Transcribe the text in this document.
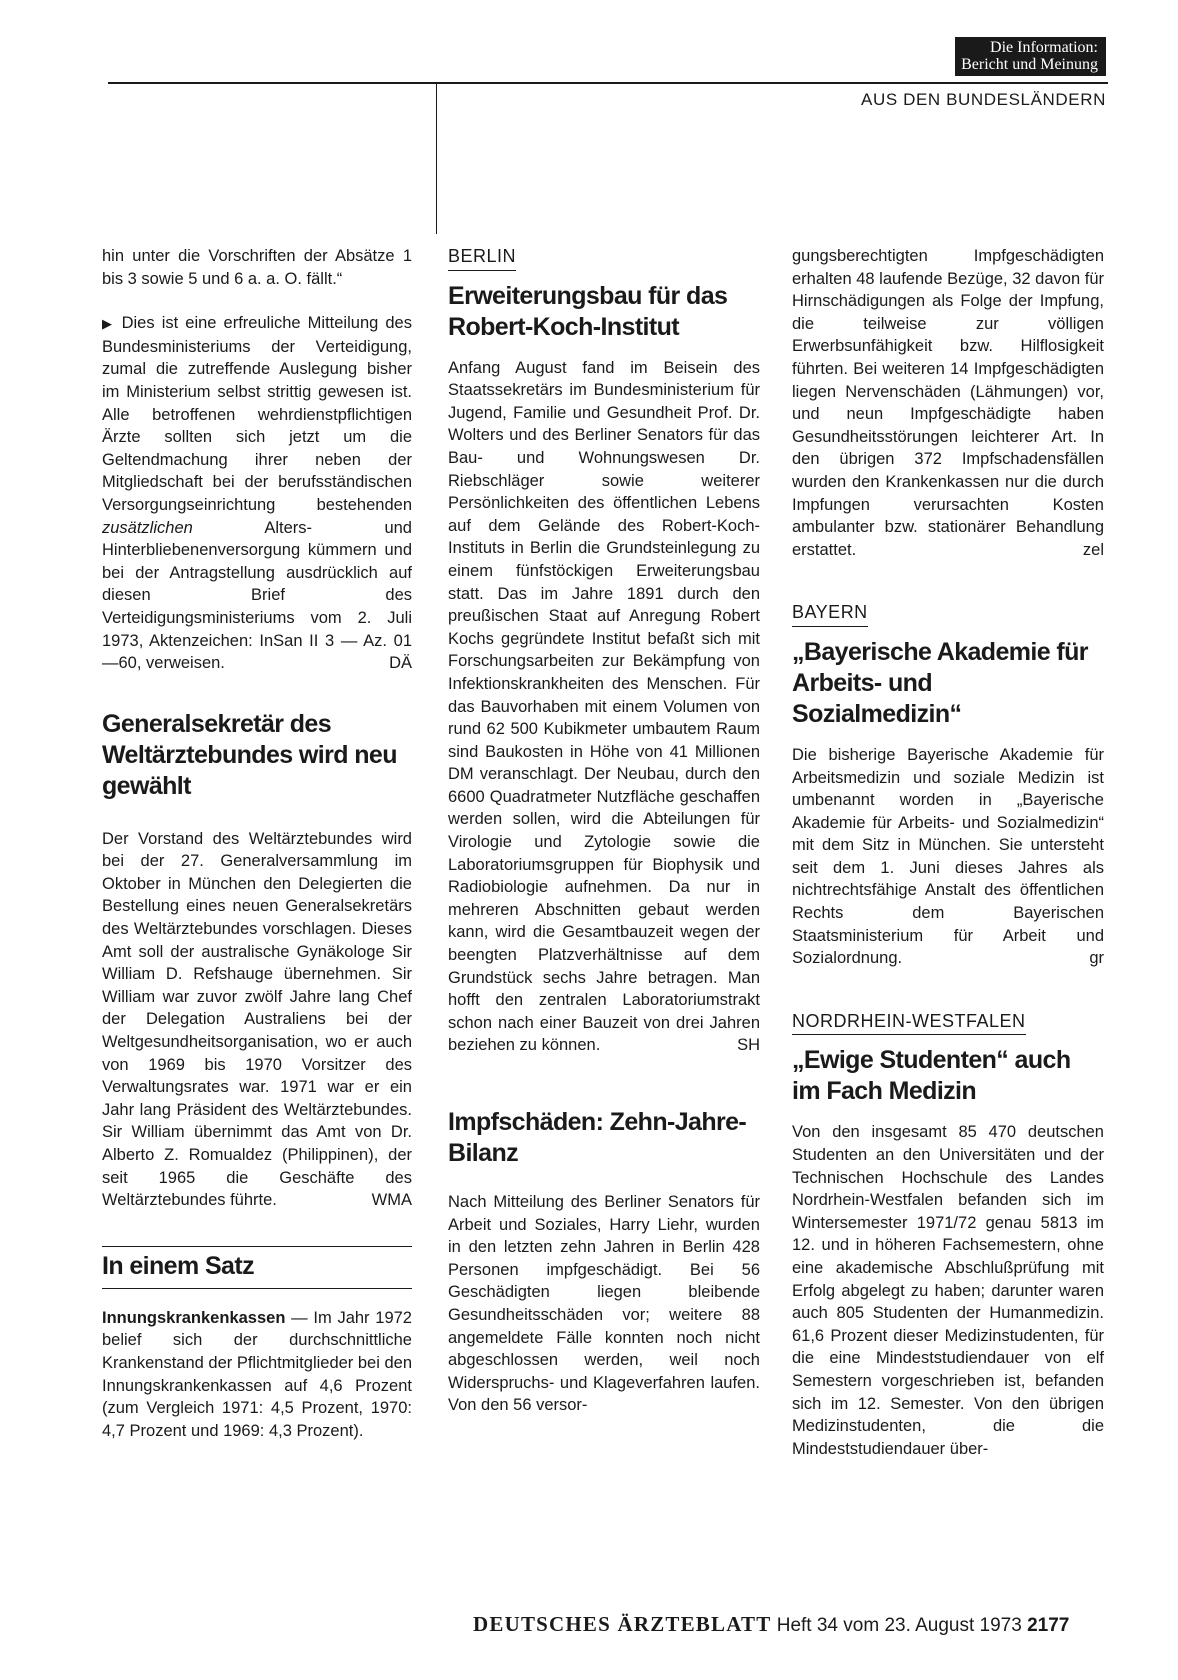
Die Information:
Bericht und Meinung
AUS DEN BUNDESLÄNDERN

hin unter die Vorschriften der Absätze 1 bis 3 sowie 5 und 6 a. a. O. fällt.“

▶ Dies ist eine erfreuliche Mitteilung des Bundesministeriums der Verteidigung, zumal die zutreffende Auslegung bisher im Ministerium selbst strittig gewesen ist. Alle betroffenen wehrdienstpflichtigen Ärzte sollten sich jetzt um die Geltendmachung ihrer neben der Mitgliedschaft bei der berufsständischen Versorgungseinrichtung bestehenden zusätzlichen	Alters- und Hinterbliebenenversorgung kümmern und bei der Antragstellung ausdrücklich auf diesen Brief des Verteidigungsministeriums vom 2. Juli 1973, Aktenzeichen: InSan II 3 — Az. 01—60, verweisen.	DÄ

Generalsekretär des Weltärztebundes wird neu gewählt

Der Vorstand des Weltärztebundes wird bei der 27. Generalversammlung im Oktober in München den Delegierten die Bestellung eines neuen Generalsekretärs des Weltärztebundes vorschlagen. Dieses Amt soll der australische Gynäkologe Sir William D. Refshauge übernehmen. Sir William war zuvor zwölf Jahre lang Chef der Delegation Australiens bei der Weltgesundheitsorganisation, wo er auch von 1969 bis 1970 Vorsitzer des Verwaltungsrates war. 1971 war er ein Jahr lang Präsident des Weltärztebundes. Sir William übernimmt das Amt von Dr. Alberto Z. Romualdez (Philippinen), der seit 1965 die Geschäfte des Weltärztebundes führte.	WMA

In einem Satz

Innungskrankenkassen — Im Jahr 1972 belief sich der durchschnittliche Krankenstand der Pflichtmitglieder bei den Innungskrankenkassen auf 4,6 Prozent (zum Vergleich 1971: 4,5 Prozent, 1970: 4,7 Prozent und 1969: 4,3 Prozent).

BERLIN
Erweiterungsbau für das Robert-Koch-Institut

Anfang August fand im Beisein des Staatssekretärs im Bundesministerium für Jugend, Familie und Gesundheit Prof. Dr. Wolters und des Berliner Senators für das Bau- und Wohnungswesen Dr. Riebschläger sowie weiterer Persönlichkeiten des öffentlichen Lebens auf dem Gelände des Robert-Koch-Instituts in Berlin die Grundsteinlegung zu einem fünfstöckigen Erweiterungsbau statt. Das im Jahre 1891 durch den preußischen Staat auf Anregung Robert Kochs gegründete Institut befaßt sich mit Forschungsarbeiten zur Bekämpfung von Infektionskrankheiten des Menschen. Für das Bauvorhaben mit einem Volumen von rund 62 500 Kubikmeter umbautem Raum sind Baukosten in Höhe von 41 Millionen DM veranschlagt. Der Neubau, durch den 6600 Quadratmeter Nutzfläche geschaffen werden sollen, wird die Abteilungen für Virologie und Zytologie sowie die Laboratoriumsgruppen für Biophysik und Radiobiologie aufnehmen. Da nur in mehreren Abschnitten gebaut werden kann, wird die Gesamtbauzeit wegen der beengten Platzverhältnisse auf dem Grundstück sechs Jahre betragen. Man hofft den zentralen Laboratoriumstrakt schon nach einer Bauzeit von drei Jahren beziehen zu können.	SH

Impfschäden: Zehn-Jahre-Bilanz

Nach Mitteilung des Berliner Senators für Arbeit und Soziales, Harry Liehr, wurden in den letzten zehn Jahren in Berlin 428 Personen impfgeschädigt. Bei 56 Geschädigten liegen bleibende Gesundheitsschäden vor; weitere 88 angemeldete Fälle konnten noch nicht abgeschlossen werden, weil noch Widerspruchs- und Klageverfahren laufen. Von den 56 versor-

gungsberechtigten Impfgeschädigten erhalten 48 laufende Bezüge, 32 davon für Hirnschädigungen als Folge der Impfung, die teilweise zur völligen Erwerbsunfähigkeit bzw. Hilflosigkeit führten. Bei weiteren 14 Impfgeschädigten liegen Nervenschäden (Lähmungen) vor, und neun Impfgeschädigte haben Gesundheitsstörungen leichterer Art. In den übrigen 372 Impfschadensfällen wurden den Krankenkassen nur die durch Impfungen verursachten Kosten ambulanter bzw. stationärer Behandlung erstattet.	zel

BAYERN
„Bayerische Akademie für Arbeits- und Sozialmedizin“

Die bisherige Bayerische Akademie für Arbeitsmedizin und soziale Medizin ist umbenannt worden in „Bayerische Akademie für Arbeits- und Sozialmedizin“ mit dem Sitz in München. Sie untersteht seit dem 1. Juni dieses Jahres als nichtrechtsfähige Anstalt des öffentlichen Rechts dem Bayerischen Staatsministerium für Arbeit und Sozialordnung.	gr

NORDRHEIN-WESTFALEN
„Ewige Studenten“ auch im Fach Medizin

Von den insgesamt 85 470 deutschen Studenten an den Universitäten und der Technischen Hochschule des Landes Nordrhein-Westfalen befanden sich im Wintersemester 1971/72 genau 5813 im 12. und in höheren Fachsemestern, ohne eine akademische Abschlußprüfung mit Erfolg abgelegt zu haben; darunter waren auch 805 Studenten der Humanmedizin. 61,6 Prozent dieser Medizinstudenten, für die eine Mindeststudiendauer von elf Semestern vorgeschrieben ist, befanden sich im 12. Semester. Von den übrigen Medizinstudenten, die die Mindeststudiendauer über-

DEUTSCHES ÄRZTEBLATT Heft 34 vom 23. August 1973 2177
